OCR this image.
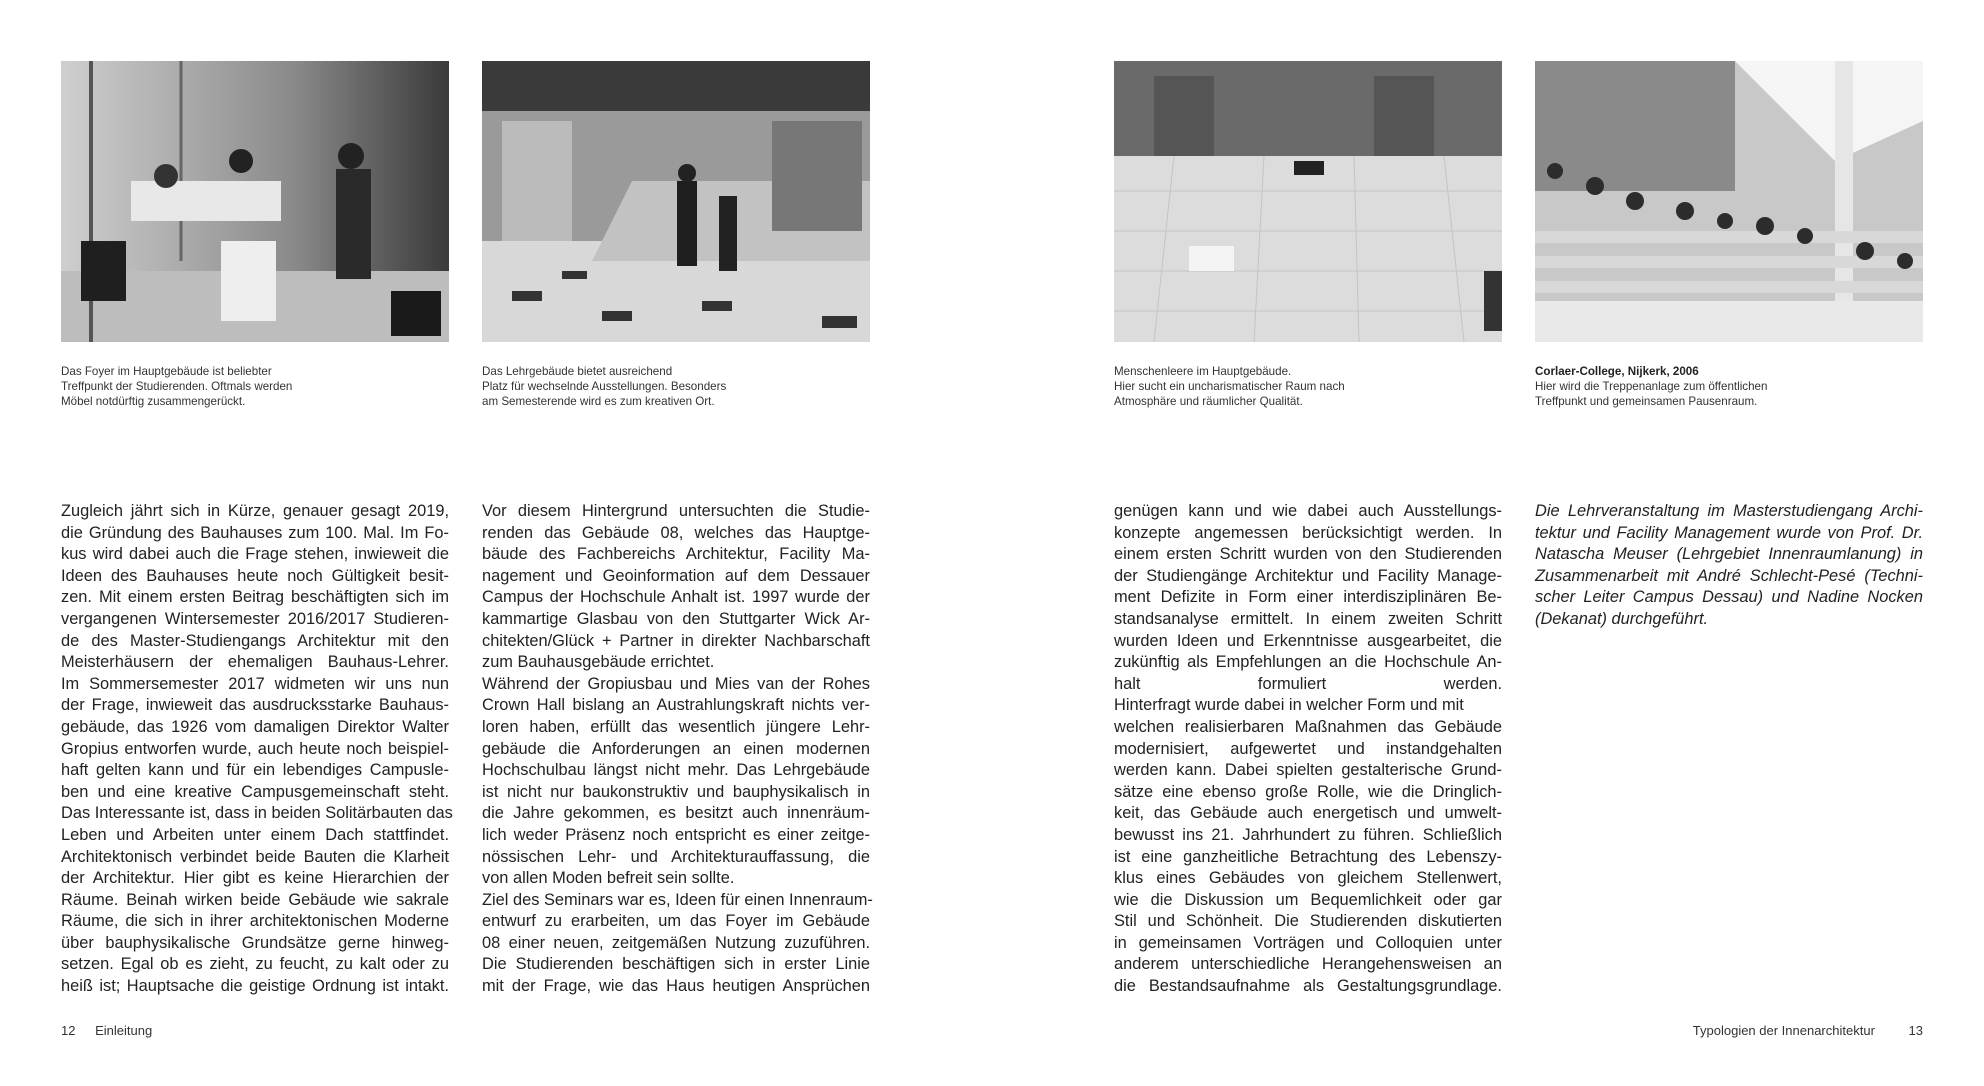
Das Foyer im Hauptgebäude ist beliebter
Treffpunkt der Studierenden. Oftmals werden
Möbel notdürftig zusammengerückt.
Das Lehrgebäude bietet ausreichend
Platz für wechselnde Ausstellungen. Besonders
am Semesterende wird es zum kreativen Ort.
Menschenleere im Hauptgebäude.
Hier sucht ein uncharismatischer Raum nach
Atmosphäre und räumlicher Qualität.
Corlaer-College, Nijkerk, 2006
Hier wird die Treppenanlage zum öffentlichen
Treffpunkt und gemeinsamen Pausenraum.
Zugleich jährt sich in Kürze, genauer gesagt 2019,
die Gründung des Bauhauses zum 100. Mal. Im Fo-
kus wird dabei auch die Frage stehen, inwieweit die
Ideen des Bauhauses heute noch Gültigkeit besit-
zen. Mit einem ersten Beitrag beschäftigten sich im
vergangenen Wintersemester 2016/2017 Studieren-
de des Master-Studiengangs Architektur mit den
Meisterhäusern der ehemaligen Bauhaus-Lehrer.
Im Sommersemester 2017 widmeten wir uns nun
der Frage, inwieweit das ausdrucksstarke Bauhaus-
gebäude, das 1926 vom damaligen Direktor Walter
Gropius entworfen wurde, auch heute noch beispiel-
haft gelten kann und für ein lebendiges Campusle-
ben und eine kreative Campusgemeinschaft steht.
Das Interessante ist, dass in beiden Solitärbauten das
Leben und Arbeiten unter einem Dach stattfindet.
Architektonisch verbindet beide Bauten die Klarheit
der Architektur. Hier gibt es keine Hierarchien der
Räume. Beinah wirken beide Gebäude wie sakrale
Räume, die sich in ihrer architektonischen Moderne
über bauphysikalische Grundsätze gerne hinweg-
setzen. Egal ob es zieht, zu feucht, zu kalt oder zu
heiß ist; Hauptsache die geistige Ordnung ist intakt.
Vor diesem Hintergrund untersuchten die Studie-
renden das Gebäude 08, welches das Hauptge-
bäude des Fachbereichs Architektur, Facility Ma-
nagement und Geoinformation auf dem Dessauer
Campus der Hochschule Anhalt ist. 1997 wurde der
kammartige Glasbau von den Stuttgarter Wick Ar-
chitekten/Glück + Partner in direkter Nachbarschaft
zum Bauhausgebäude errichtet.
Während der Gropiusbau und Mies van der Rohes
Crown Hall bislang an Austrahlungskraft nichts ver-
loren haben, erfüllt das wesentlich jüngere Lehr-
gebäude die Anforderungen an einen modernen
Hochschulbau längst nicht mehr. Das Lehrgebäude
ist nicht nur baukonstruktiv und bauphysikalisch in
die Jahre gekommen, es besitzt auch innenräum-
lich weder Präsenz noch entspricht es einer zeitge-
nössischen Lehr- und Architekturauffassung, die
von allen Moden befreit sein sollte.
Ziel des Seminars war es, Ideen für einen Innenraum-
entwurf zu erarbeiten, um das Foyer im Gebäude
08 einer neuen, zeitgemäßen Nutzung zuzuführen.
Die Studierenden beschäftigen sich in erster Linie
mit der Frage, wie das Haus heutigen Ansprüchen
genügen kann und wie dabei auch Ausstellungs-
konzepte angemessen berücksichtigt werden. In
einem ersten Schritt wurden von den Studierenden
der Studiengänge Architektur und Facility Manage-
ment Defizite in Form einer interdisziplinären Be-
standsanalyse ermittelt. In einem zweiten Schritt
wurden Ideen und Erkenntnisse ausgearbeitet, die
zukünftig als Empfehlungen an die Hochschule An-
halt formuliert werden.
Hinterfragt wurde dabei in welcher Form und mit
welchen realisierbaren Maßnahmen das Gebäude
modernisiert, aufgewertet und instandgehalten
werden kann. Dabei spielten gestalterische Grund-
sätze eine ebenso große Rolle, wie die Dringlich-
keit, das Gebäude auch energetisch und umwelt-
bewusst ins 21. Jahrhundert zu führen. Schließlich
ist eine ganzheitliche Betrachtung des Lebenszy-
klus eines Gebäudes von gleichem Stellenwert,
wie die Diskussion um Bequemlichkeit oder gar
Stil und Schönheit. Die Studierenden diskutierten
in gemeinsamen Vorträgen und Colloquien unter
anderem unterschiedliche Herangehensweisen an
die Bestandsaufnahme als Gestaltungsgrundlage.
Die Lehrveranstaltung im Masterstudiengang Archi-
tektur und Facility Management wurde von Prof. Dr.
Natascha Meuser (Lehrgebiet Innenraumlanung) in
Zusammenarbeit mit André Schlecht-Pesé (Techni-
scher Leiter Campus Dessau) und Nadine Nocken
(Dekanat) durchgeführt.
12 Einleitung	Typologien der Innenarchitektur	13
